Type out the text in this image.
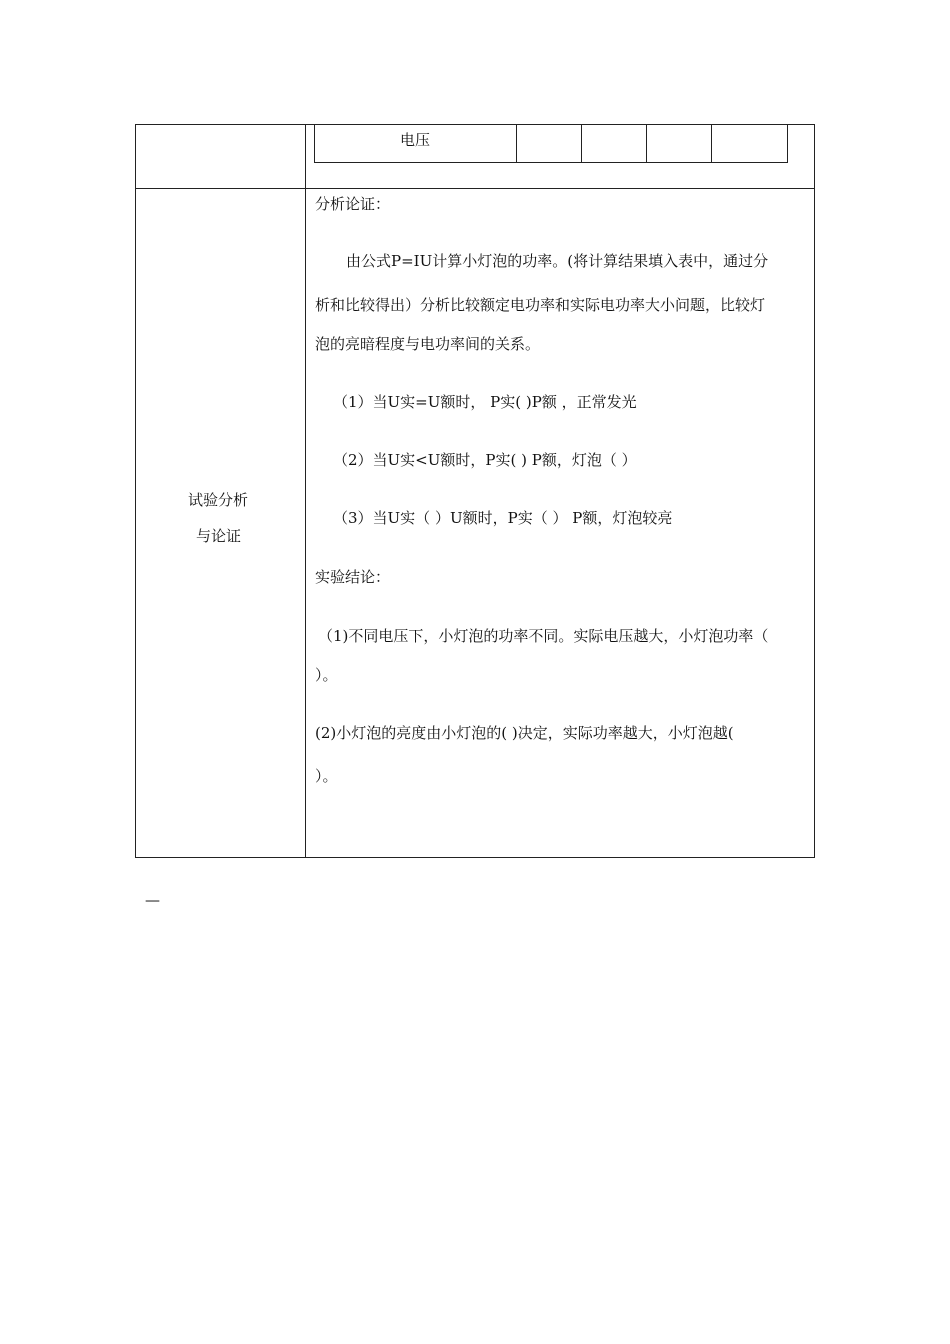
电压
试验分析
与论证
分析论证：
由公式P=IU计算小灯泡的功率。(将计算结果填入表中，通过分
析和比较得出）分析比较额定电功率和实际电功率大小问题，比较灯
泡的亮暗程度与电功率间的关系。
（1）当U实=U额时， P实( )P额 ，正常发光
（2）当U实<U额时，P实( ) P额，灯泡（ ）
（3）当U实（ ）U额时，P实（ ） P额，灯泡较亮
实验结论：
（1)不同电压下，小灯泡的功率不同。实际电压越大，小灯泡功率（
）。
(2)小灯泡的亮度由小灯泡的( )决定，实际功率越大，小灯泡越(
）。
—
